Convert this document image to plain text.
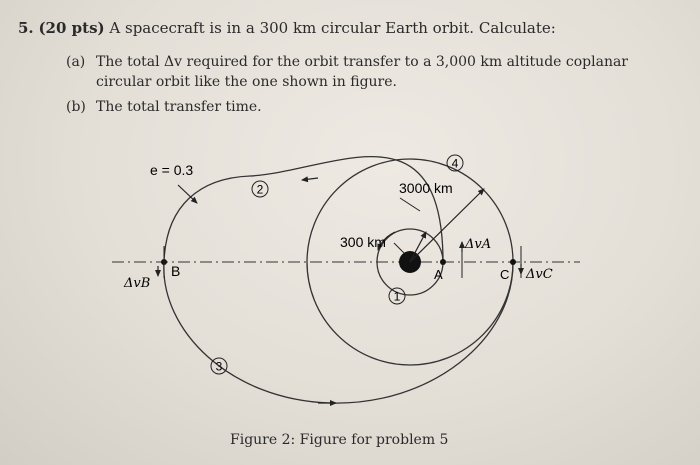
5. (20 pts) A spacecraft is in a 300 km circular Earth orbit. Calculate:
(a) The total Δv required for the orbit transfer to a 3,000 km altitude coplanar
circular orbit like the one shown in figure.
(b) The total transfer time.
1
2
3
4
e = 0.3
3000 km
300 km
B	A	C
ΔvB
ΔvA
ΔvC
Figure 2: Figure for problem 5
